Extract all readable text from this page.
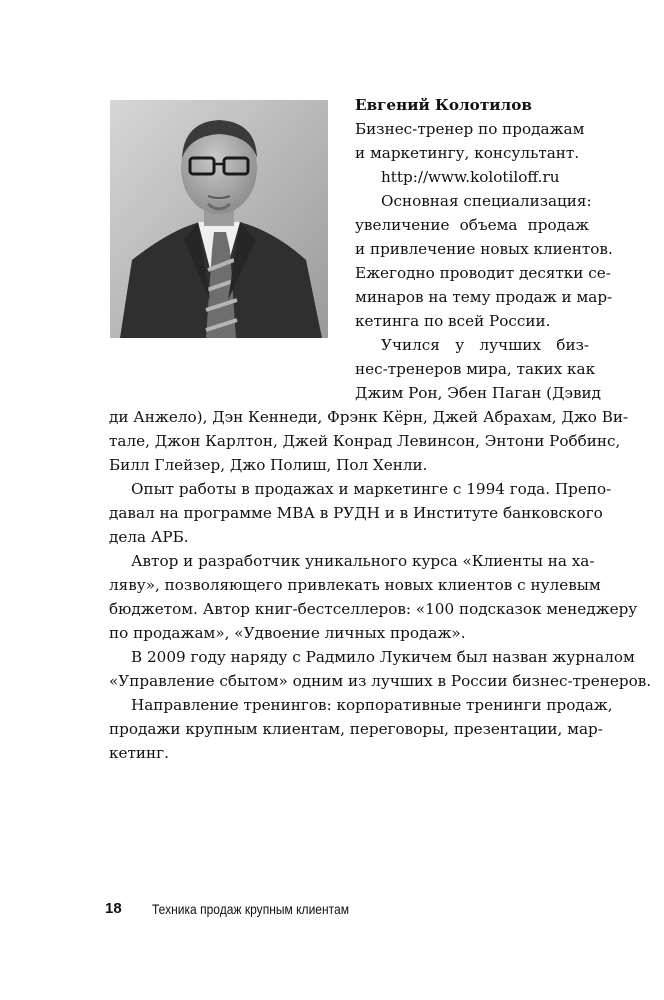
Евгений Колотилов

Бизнес-тренер по продажам

и маркетингу, консультант.

http://www.kolotiloff.ru

Основная специализация:

увеличение объема продаж

и привлечение новых клиентов.

Ежегодно проводит десятки се-

минаров на тему продаж и мар-

кетинга по всей России.

Учился у лучших биз-

нес-тренеров мира, таких как

Джим Рон, Эбен Паган (Дэвид

ди Анжело), Дэн Кеннеди, Фрэнк Кёрн, Джей Абрахам, Джо Ви-

тале, Джон Карлтон, Джей Конрад Левинсон, Энтони Роббинс,

Билл Глейзер, Джо Полиш, Пол Хенли.

Опыт работы в продажах и маркетинге с 1994 года. Препо-

давал на программе МВА в РУДН и в Институте банковского

дела АРБ.

Автор и разработчик уникального курса «Клиенты на ха-

ляву», позволяющего привлекать новых клиентов с нулевым

бюджетом. Автор книг-бестселлеров: «100 подсказок менеджеру

по продажам», «Удвоение личных продаж».

В 2009 году наряду с Радмило Лукичем был назван журналом

«Управление сбытом» одним из лучших в России бизнес-тренеров.

Направление тренингов: корпоративные тренинги продаж,

продажи крупным клиентам, переговоры, презентации, мар-

кетинг.

18 Техника продаж крупным клиентам
